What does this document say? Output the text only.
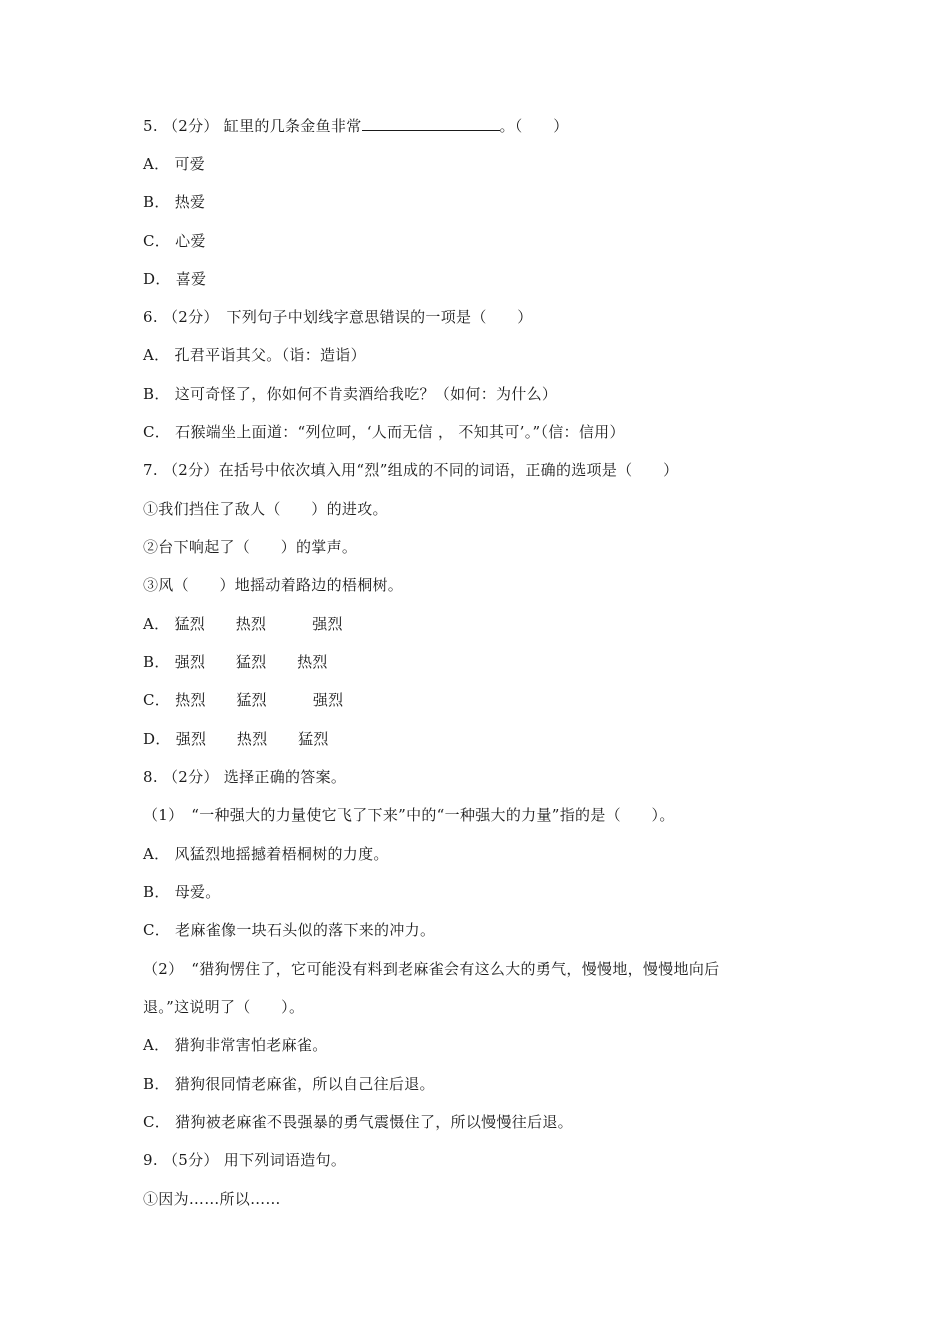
5. （2分） 缸里的几条金鱼非常	。（　　）
A． 可爱
B． 热爱
C． 心爱
D． 喜爱
6. （2分）　下列句子中划线字意思错误的一项是（　　）
A． 孔君平诣其父。（诣：造诣）
B． 这可奇怪了，你如何不肯卖酒给我吃？（如何：为什么）
C． 石猴端坐上面道：“列位呵，‘人而无信 ， 不知其可’。”（信：信用）
7. （2分）在括号中依次填入用“烈”组成的不同的词语，正确的选项是（　　）
①我们挡住了敌人（　　）的进攻。
②台下响起了（　　）的掌声。
③风（　　）地摇动着路边的梧桐树。
A． 猛烈　　热烈　　　强烈
B． 强烈　　猛烈　　热烈
C． 热烈　　猛烈　　　强烈
D． 强烈　　热烈　　猛烈
8. （2分） 选择正确的答案。
（1）　“一种强大的力量使它飞了下来”中的“一种强大的力量”指的是（　　）。
A． 风猛烈地摇撼着梧桐树的力度。
B． 母爱。
C． 老麻雀像一块石头似的落下来的冲力。
（2）　“猎狗愣住了，它可能没有料到老麻雀会有这么大的勇气，慢慢地，慢慢地向后
退。”这说明了（　　）。
A． 猎狗非常害怕老麻雀。
B． 猎狗很同情老麻雀，所以自己往后退。
C． 猎狗被老麻雀不畏强暴的勇气震慑住了，所以慢慢往后退。
9. （5分） 用下列词语造句。
①因为……所以……
